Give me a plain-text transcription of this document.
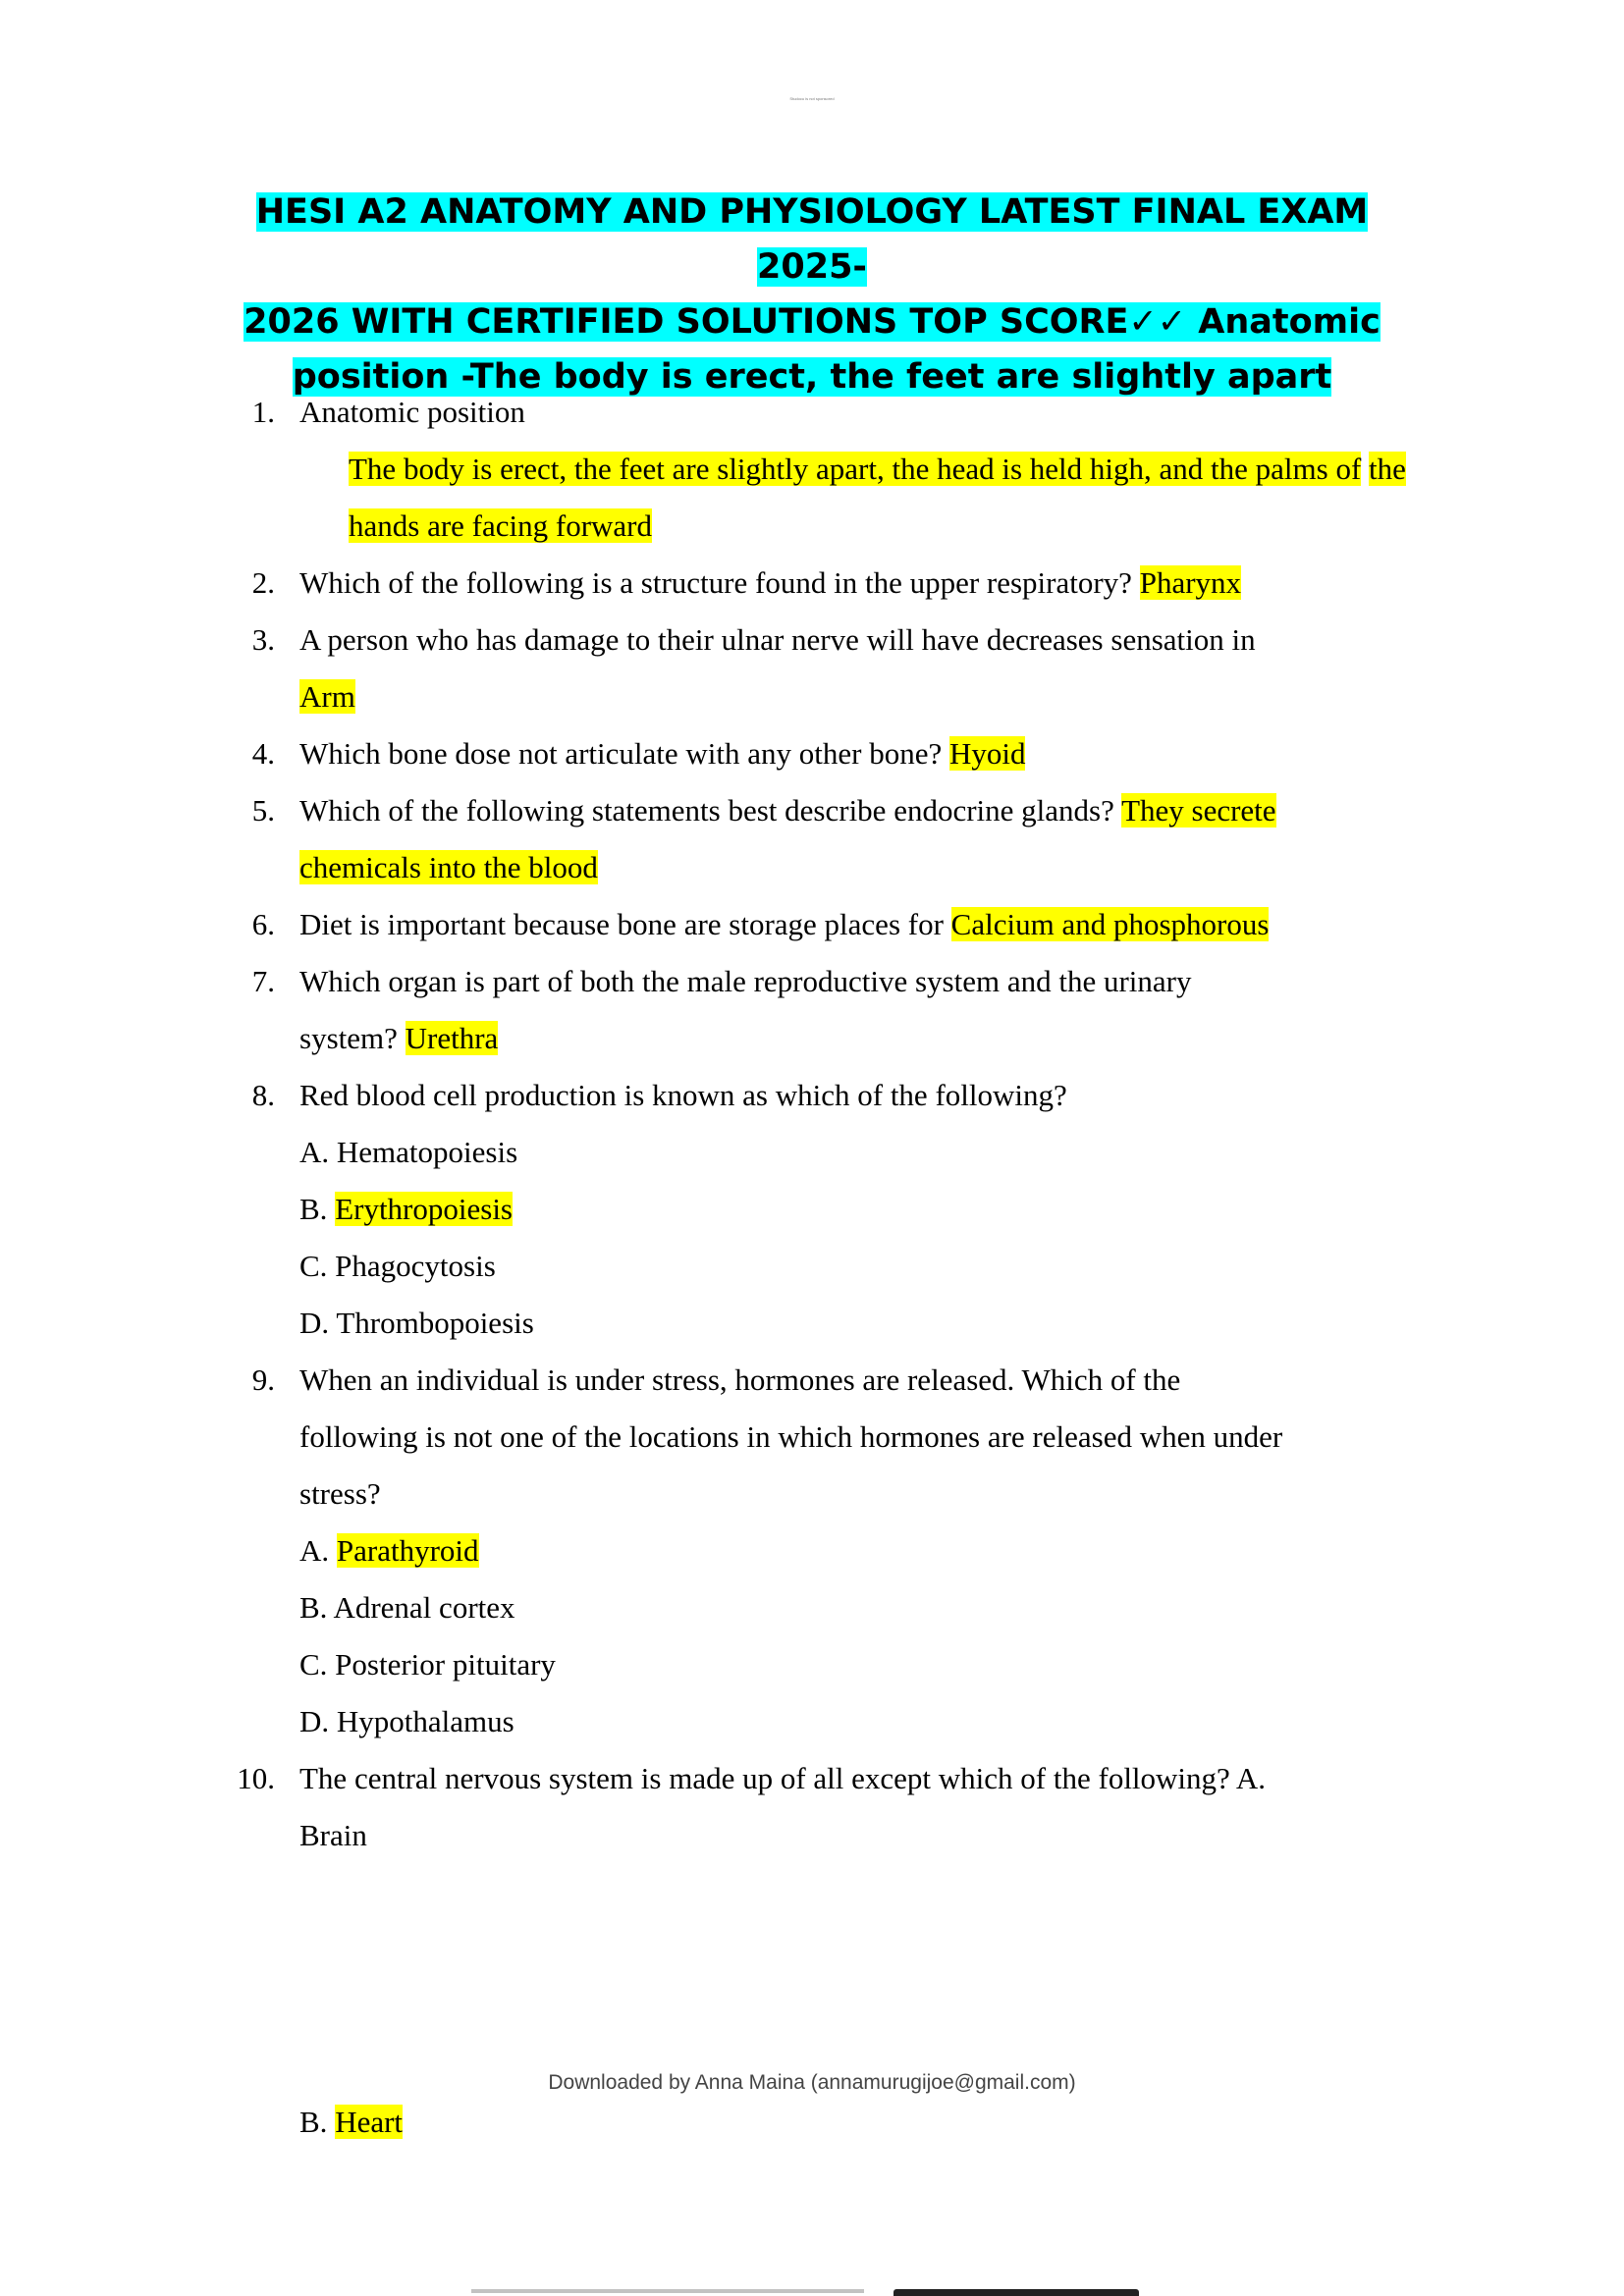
Studocu is not sponsored
HESI A2 ANATOMY AND PHYSIOLOGY LATEST FINAL EXAM 2025-
2026 WITH CERTIFIED SOLUTIONS TOP SCORE✓✓ Anatomic
position -The body is erect, the feet are slightly apart
1. Anatomic position
The body is erect, the feet are slightly apart, the head is held high, and the palms of the
hands are facing forward
2. Which of the following is a structure found in the upper respiratory? Pharynx
3. A person who has damage to their ulnar nerve will have decreases sensation in
Arm
4. Which bone dose not articulate with any other bone? Hyoid
5. Which of the following statements best describe endocrine glands? They secrete
chemicals into the blood
6. Diet is important because bone are storage places for Calcium and phosphorous
7. Which organ is part of both the male reproductive system and the urinary
system? Urethra
8. Red blood cell production is known as which of the following?
A. Hematopoiesis
B. Erythropoiesis
C. Phagocytosis
D. Thrombopoiesis
9. When an individual is under stress, hormones are released. Which of the
following is not one of the locations in which hormones are released when under
stress?
A. Parathyroid
B. Adrenal cortex
C. Posterior pituitary
D. Hypothalamus
10. The central nervous system is made up of all except which of the following? A.
Brain
Downloaded by Anna Maina (annamurugijoe@gmail.com)
B. Heart
